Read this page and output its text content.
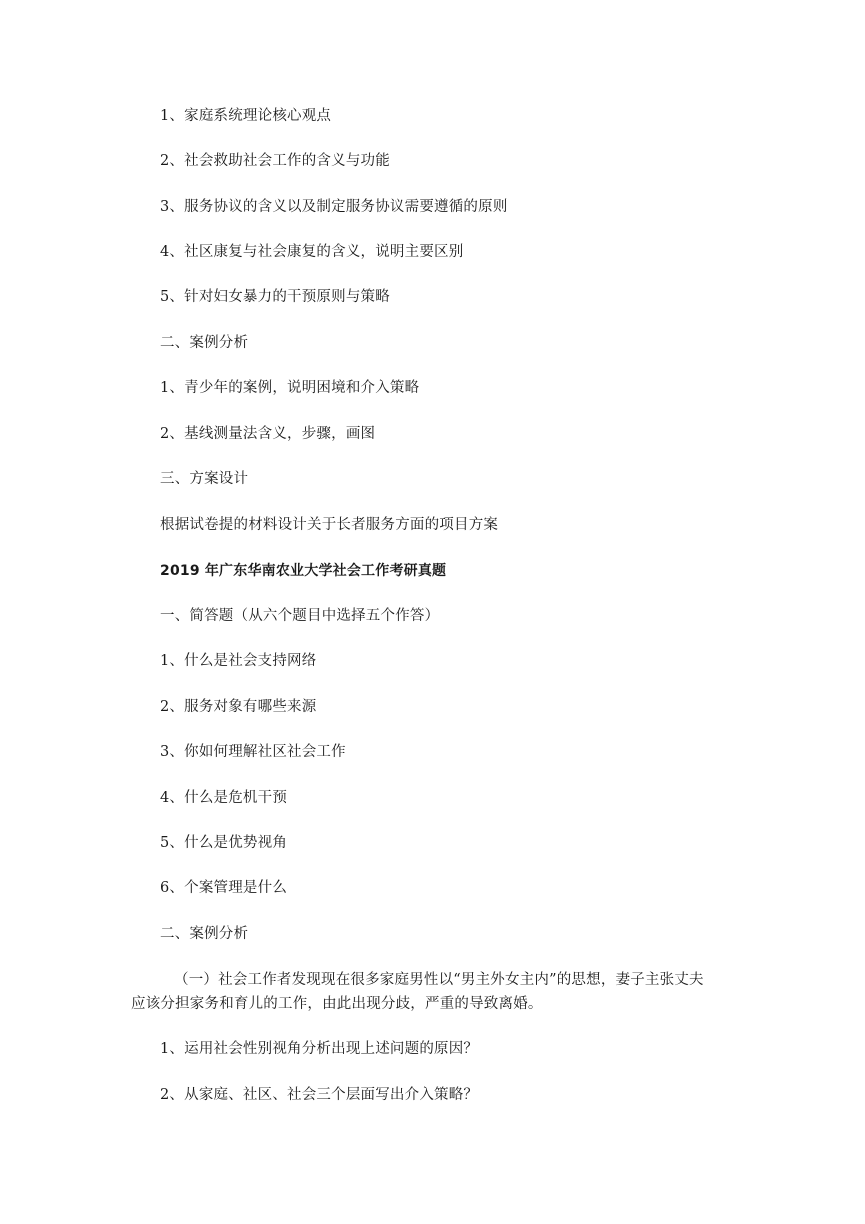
1、家庭系统理论核心观点
2、社会救助社会工作的含义与功能
3、服务协议的含义以及制定服务协议需要遵循的原则
4、社区康复与社会康复的含义，说明主要区别
5、针对妇女暴力的干预原则与策略
二、案例分析
1、青少年的案例，说明困境和介入策略
2、基线测量法含义，步骤，画图
三、方案设计
根据试卷提的材料设计关于长者服务方面的项目方案
2019 年广东华南农业大学社会工作考研真题
一、简答题（从六个题目中选择五个作答）
1、什么是社会支持网络
2、服务对象有哪些来源
3、你如何理解社区社会工作
4、什么是危机干预
5、什么是优势视角
6、个案管理是什么
二、案例分析
（一）社会工作者发现现在很多家庭男性以“男主外女主内”的思想，妻子主张丈夫
应该分担家务和育儿的工作，由此出现分歧，严重的导致离婚。
1、运用社会性别视角分析出现上述问题的原因？
2、从家庭、社区、社会三个层面写出介入策略？
